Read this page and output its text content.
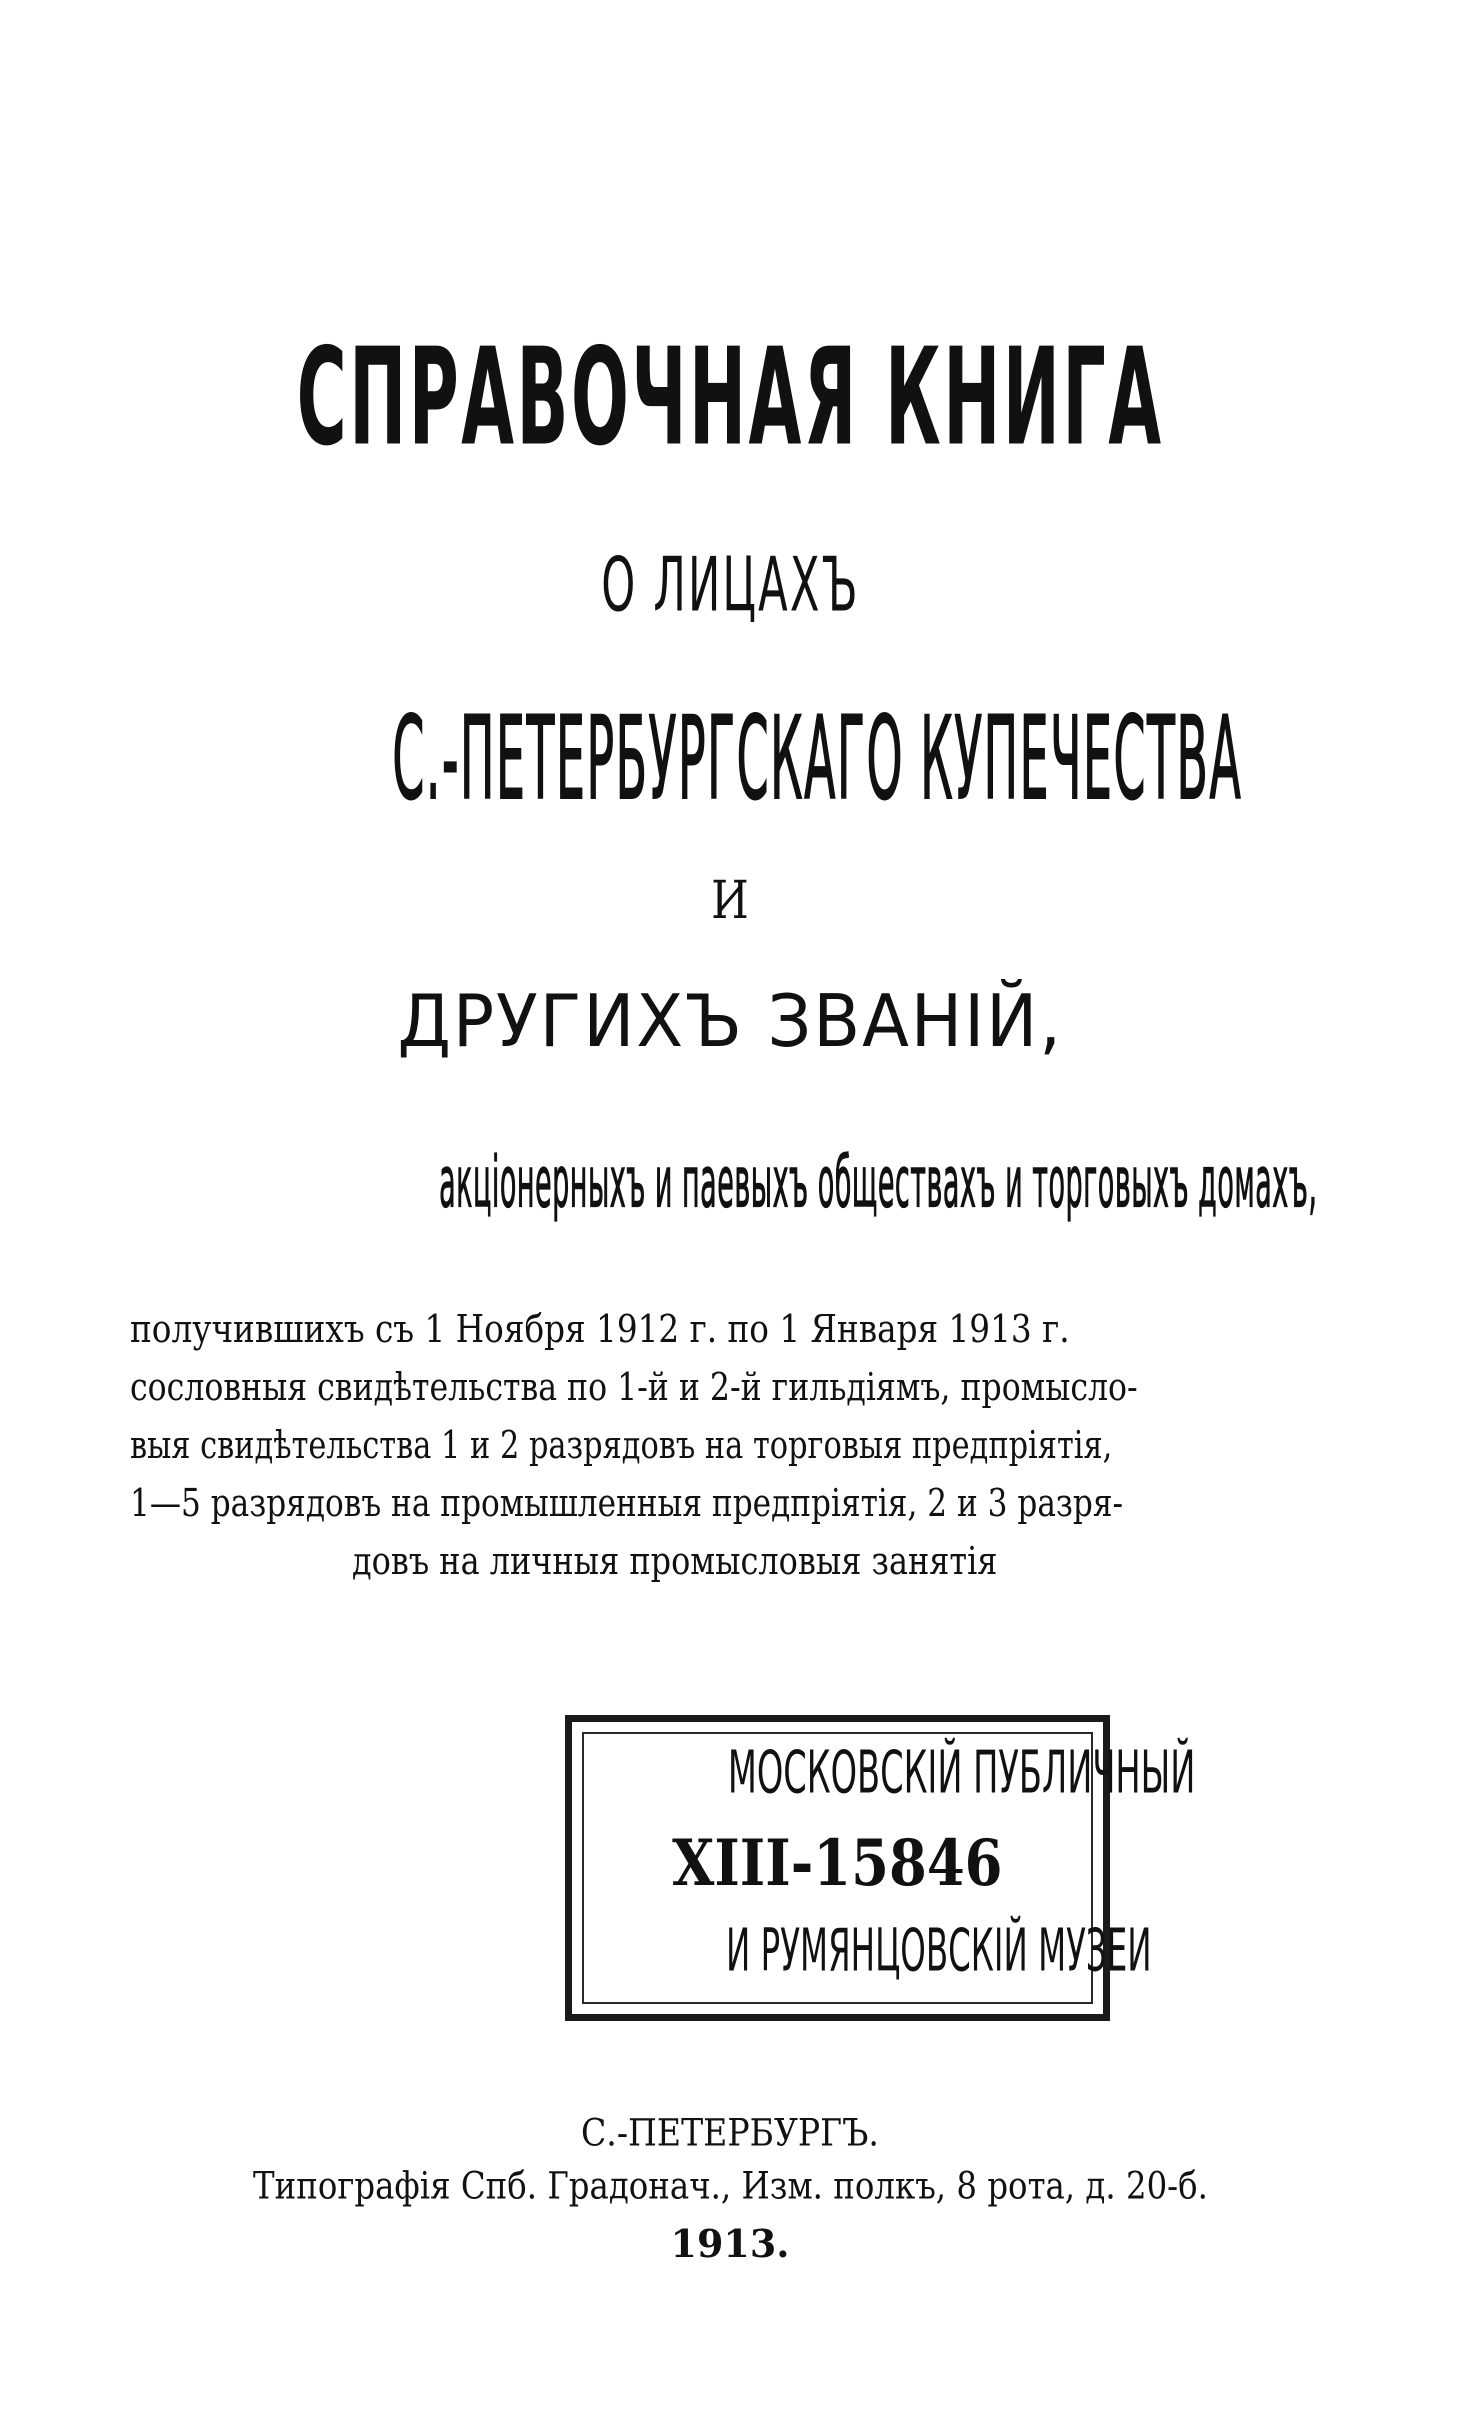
СПРАВОЧНАЯ КНИГА
О ЛИЦАХЪ
С.-ПЕТЕРБУРГСКАГО КУПЕЧЕСТВА
И
ДРУГИХЪ ЗВАНІЙ,
акціонерныхъ и паевыхъ обществахъ и торговыхъ домахъ,
получившихъ съ 1 Ноября 1912 г. по 1 Января 1913 г.
сословныя свидѣтельства по 1-й и 2-й гильдіямъ, промысло-
выя свидѣтельства 1 и 2 разрядовъ на торговыя предпріятія,
1—5 разрядовъ на промышленныя предпріятія, 2 и 3 разря-
довъ на личныя промысловыя занятія
МОСКОВСКІЙ ПУБЛИЧНЫЙ
XIII-15846
И РУМЯНЦОВСКІЙ МУЗЕИ
С.-ПЕТЕРБУРГЪ.
Типографія Спб. Градонач., Изм. полкъ, 8 рота, д. 20-б.
1913.
